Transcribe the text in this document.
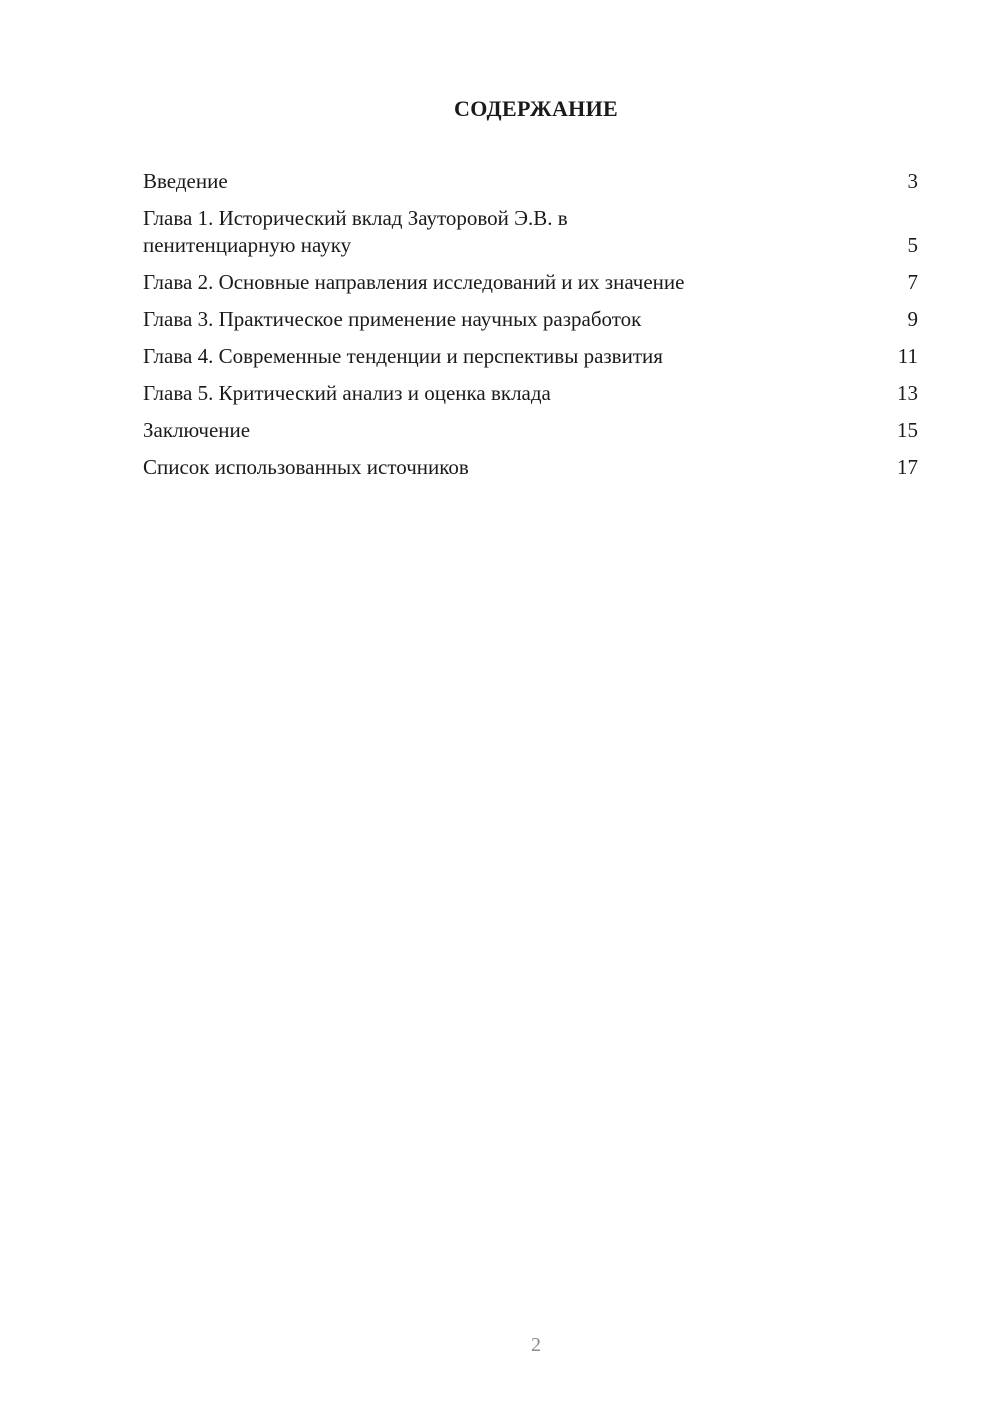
СОДЕРЖАНИЕ
Введение	3
Глава 1. Исторический вклад Зауторовой Э.В. в пенитенциарную науку	5
Глава 2. Основные направления исследований и их значение	7
Глава 3. Практическое применение научных разработок	9
Глава 4. Современные тенденции и перспективы развития	11
Глава 5. Критический анализ и оценка вклада	13
Заключение	15
Список использованных источников	17
2
